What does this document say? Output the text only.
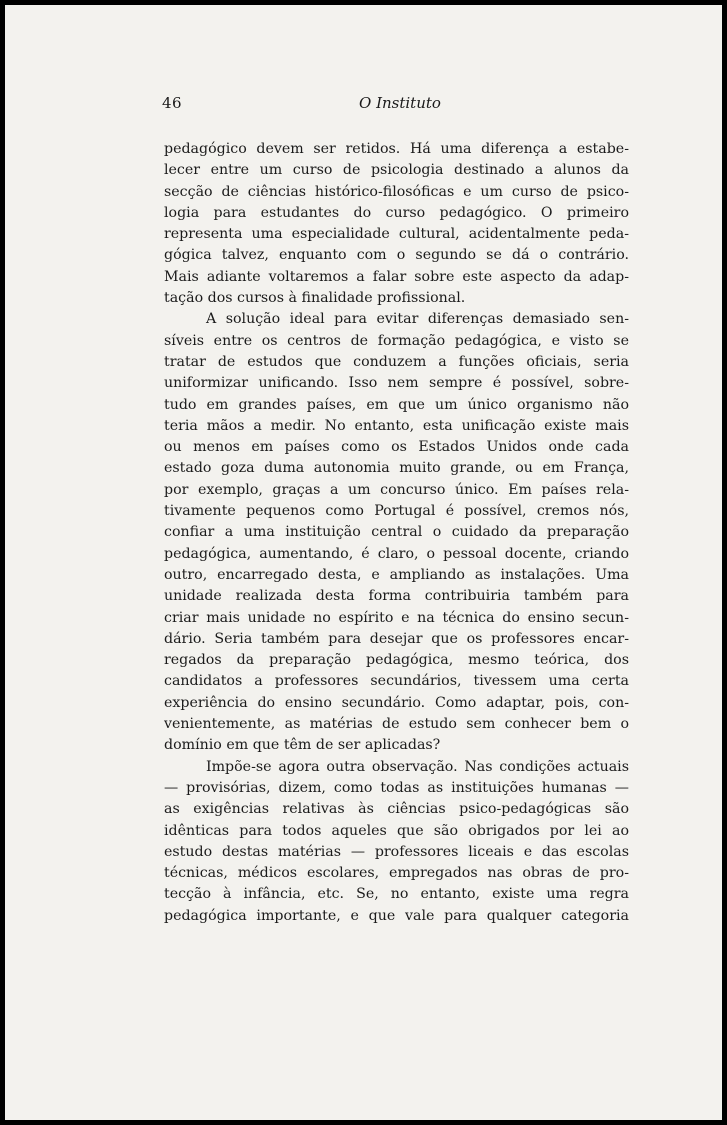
46	O Instituto
pedagógico devem ser retidos. Há uma diferença a estabe-
lecer entre um curso de psicologia destinado a alunos da
secção de ciências histórico-filosóficas e um curso de psico-
logia para estudantes do curso pedagógico. O primeiro
representa uma especialidade cultural, acidentalmente peda-
gógica talvez, enquanto com o segundo se dá o contrário.
Mais adiante voltaremos a falar sobre este aspecto da adap-
tação dos cursos à finalidade profissional.
A solução ideal para evitar diferenças demasiado sen-
síveis entre os centros de formação pedagógica, e visto se
tratar de estudos que conduzem a funções oficiais, seria
uniformizar unificando. Isso nem sempre é possível, sobre-
tudo em grandes países, em que um único organismo não
teria mãos a medir. No entanto, esta unificação existe mais
ou menos em países como os Estados Unidos onde cada
estado goza duma autonomia muito grande, ou em França,
por exemplo, graças a um concurso único. Em países rela-
tivamente pequenos como Portugal é possível, cremos nós,
confiar a uma instituição central o cuidado da preparação
pedagógica, aumentando, é claro, o pessoal docente, criando
outro, encarregado desta, e ampliando as instalações. Uma
unidade realizada desta forma contribuiria também para
criar mais unidade no espírito e na técnica do ensino secun-
dário. Seria também para desejar que os professores encar-
regados da preparação pedagógica, mesmo teórica, dos
candidatos a professores secundários, tivessem uma certa
experiência do ensino secundário. Como adaptar, pois, con-
venientemente, as matérias de estudo sem conhecer bem o
domínio em que têm de ser aplicadas?
Impõe-se agora outra observação. Nas condições actuais
— provisórias, dizem, como todas as instituições humanas —
as exigências relativas às ciências psico-pedagógicas são
idênticas para todos aqueles que são obrigados por lei ao
estudo destas matérias — professores liceais e das escolas
técnicas, médicos escolares, empregados nas obras de pro-
tecção à infância, etc. Se, no entanto, existe uma regra
pedagógica importante, e que vale para qualquer categoria
